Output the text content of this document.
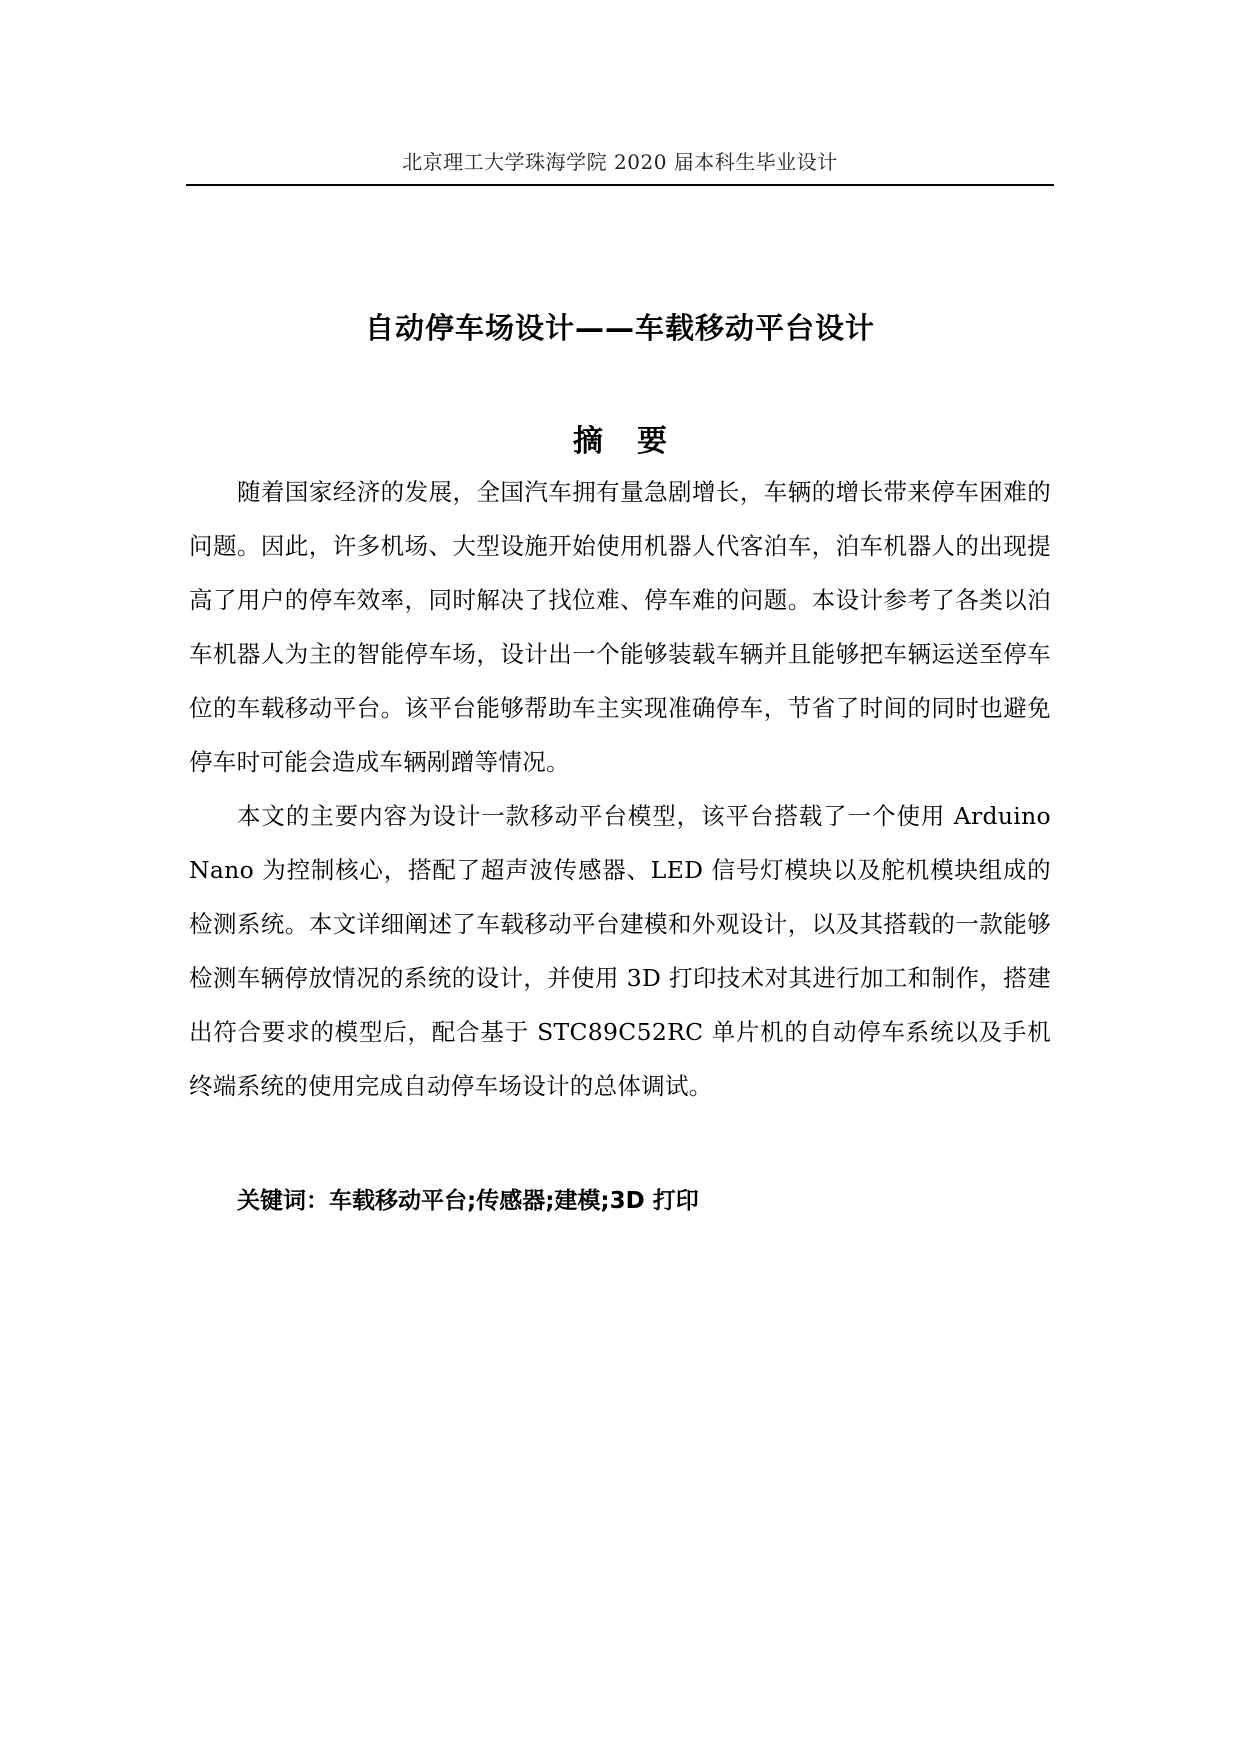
北京理工大学珠海学院 2020 届本科生毕业设计
自动停车场设计——车载移动平台设计
摘要

随着国家经济的发展，全国汽车拥有量急剧增长，车辆的增长带来停车困难的问题。因此，许多机场、大型设施开始使用机器人代客泊车，泊车机器人的出现提高了用户的停车效率，同时解决了找位难、停车难的问题。本设计参考了各类以泊车机器人为主的智能停车场，设计出一个能够装载车辆并且能够把车辆运送至停车位的车载移动平台。该平台能够帮助车主实现准确停车，节省了时间的同时也避免停车时可能会造成车辆剐蹭等情况。

本文的主要内容为设计一款移动平台模型，该平台搭载了一个使用 Arduino Nano 为控制核心，搭配了超声波传感器、LED 信号灯模块以及舵机模块组成的检测系统。本文详细阐述了车载移动平台建模和外观设计，以及其搭载的一款能够检测车辆停放情况的系统的设计，并使用 3D 打印技术对其进行加工和制作，搭建出符合要求的模型后，配合基于 STC89C52RC 单片机的自动停车系统以及手机终端系统的使用完成自动停车场设计的总体调试。

关键词：车载移动平台;传感器;建模;3D 打印
